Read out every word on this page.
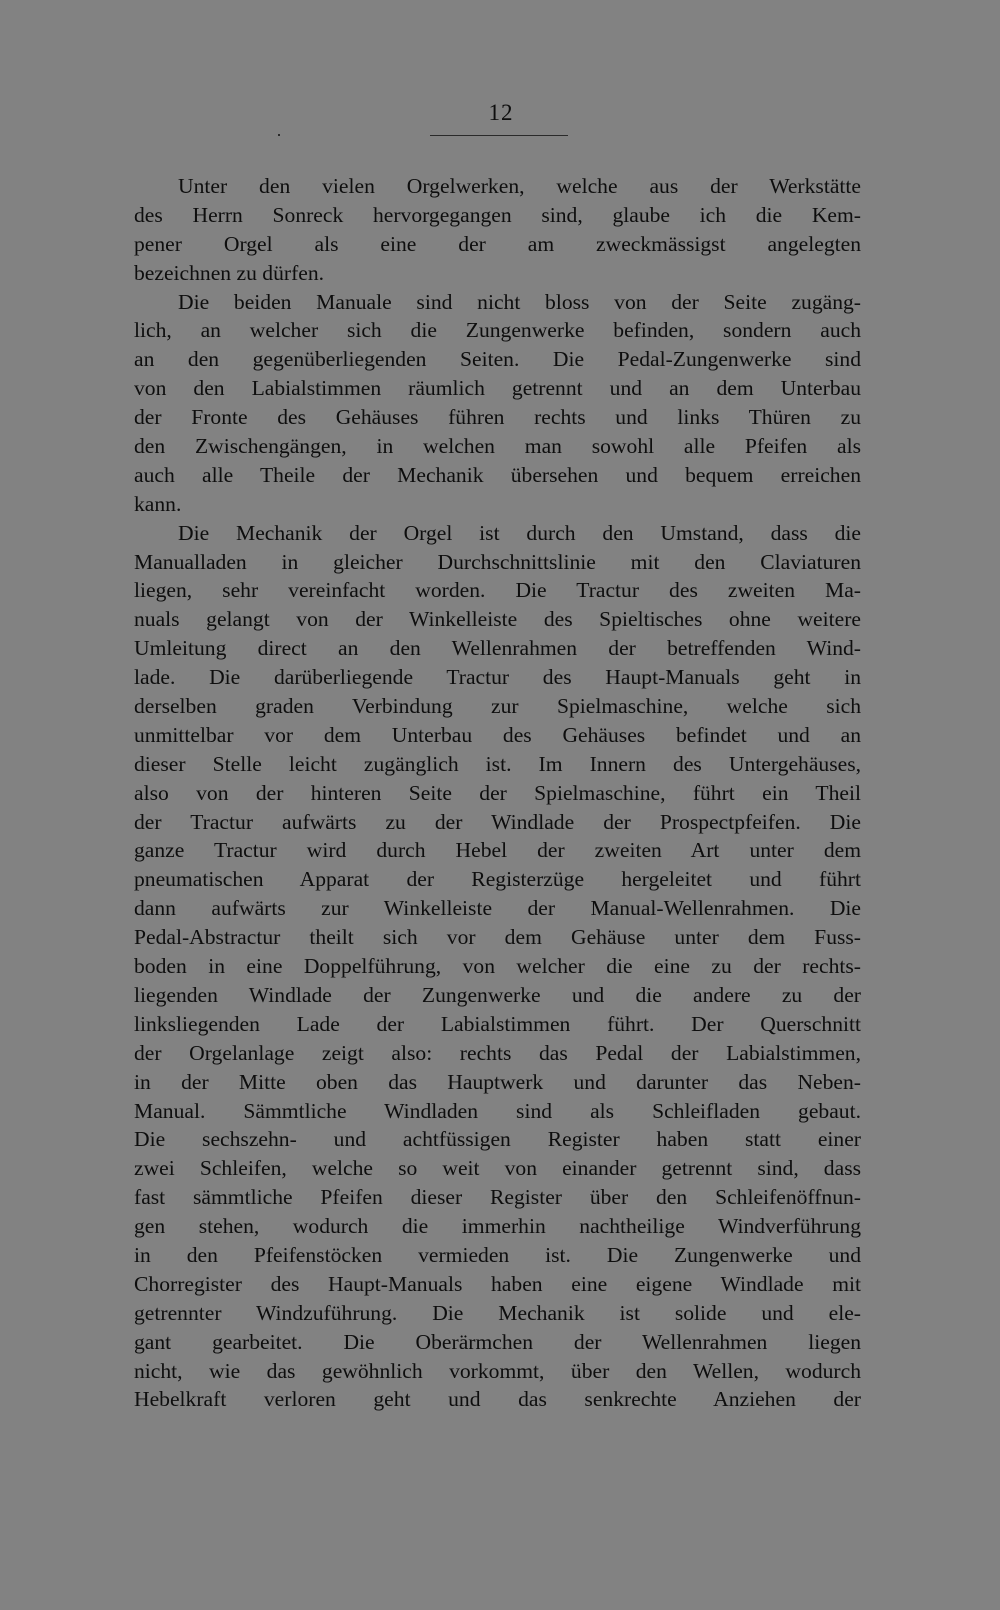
12
Unter den vielen Orgelwerken, welche aus der Werkstätte
des Herrn Sonreck hervorgegangen sind, glaube ich die Kem-
pener Orgel als eine der am zweckmässigst angelegten
bezeichnen zu dürfen.
Die beiden Manuale sind nicht bloss von der Seite zugäng-
lich, an welcher sich die Zungenwerke befinden, sondern auch
an den gegenüberliegenden Seiten. Die Pedal-Zungenwerke sind
von den Labialstimmen räumlich getrennt und an dem Unterbau
der Fronte des Gehäuses führen rechts und links Thüren zu
den Zwischengängen, in welchen man sowohl alle Pfeifen als
auch alle Theile der Mechanik übersehen und bequem erreichen
kann.
Die Mechanik der Orgel ist durch den Umstand, dass die
Manualladen in gleicher Durchschnittslinie mit den Claviaturen
liegen, sehr vereinfacht worden. Die Tractur des zweiten Ma-
nuals gelangt von der Winkelleiste des Spieltisches ohne weitere
Umleitung direct an den Wellenrahmen der betreffenden Wind-
lade. Die darüberliegende Tractur des Haupt-Manuals geht in
derselben graden Verbindung zur Spielmaschine, welche sich
unmittelbar vor dem Unterbau des Gehäuses befindet und an
dieser Stelle leicht zugänglich ist. Im Innern des Untergehäuses,
also von der hinteren Seite der Spielmaschine, führt ein Theil
der Tractur aufwärts zu der Windlade der Prospectpfeifen. Die
ganze Tractur wird durch Hebel der zweiten Art unter dem
pneumatischen Apparat der Registerzüge hergeleitet und führt
dann aufwärts zur Winkelleiste der Manual-Wellenrahmen. Die
Pedal-Abstractur theilt sich vor dem Gehäuse unter dem Fuss-
boden in eine Doppelführung, von welcher die eine zu der rechts-
liegenden Windlade der Zungenwerke und die andere zu der
linksliegenden Lade der Labialstimmen führt. Der Querschnitt
der Orgelanlage zeigt also: rechts das Pedal der Labialstimmen,
in der Mitte oben das Hauptwerk und darunter das Neben-
Manual. Sämmtliche Windladen sind als Schleifladen gebaut.
Die sechszehn- und achtfüssigen Register haben statt einer
zwei Schleifen, welche so weit von einander getrennt sind, dass
fast sämmtliche Pfeifen dieser Register über den Schleifenöffnun-
gen stehen, wodurch die immerhin nachtheilige Windverführung
in den Pfeifenstöcken vermieden ist. Die Zungenwerke und
Chorregister des Haupt-Manuals haben eine eigene Windlade mit
getrennter Windzuführung. Die Mechanik ist solide und ele-
gant gearbeitet. Die Oberärmchen der Wellenrahmen liegen
nicht, wie das gewöhnlich vorkommt, über den Wellen, wodurch
Hebelkraft verloren geht und das senkrechte Anziehen der
